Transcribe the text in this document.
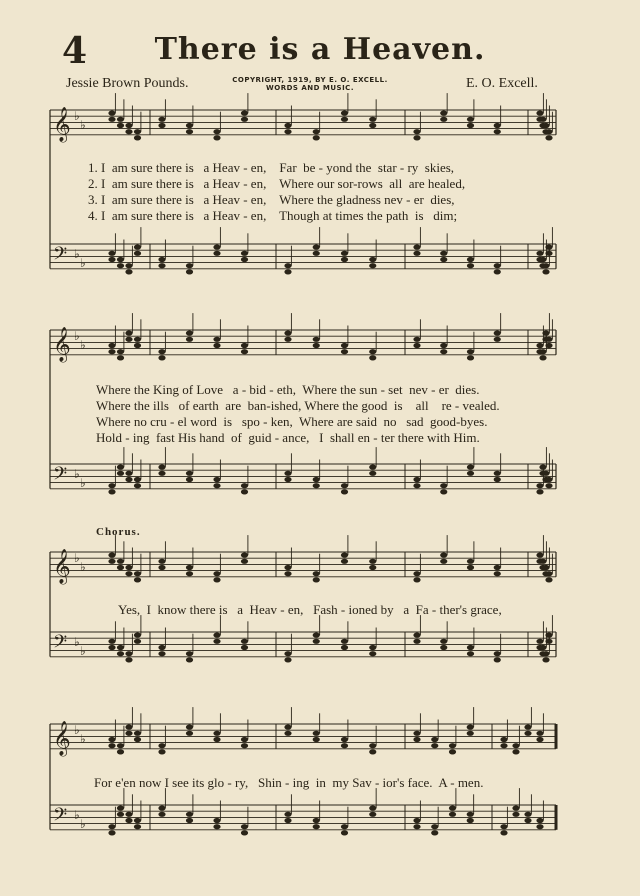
𝄞 ♭
♭
𝄢 ♭
♭
𝄞 ♭
♭
𝄢 ♭
♭
𝄞 ♭
♭
𝄢 ♭
♭
𝄞 ♭
♭
𝄢 ♭
♭
4	There is a Heaven.
Jessie Brown Pounds.	COPYRIGHT, 1919, BY E. O. EXCELL.
WORDS AND MUSIC.	E. O. Excell.
1. I  am sure there is   a Heav - en,    Far  be - yond the  star - ry  skies,
2. I  am sure there is   a Heav - en,    Where our sor-rows  all  are healed,
3. I  am sure there is   a Heav - en,    Where the gladness nev - er  dies,
4. I  am sure there is   a Heav - en,    Though at times the path  is   dim;
Where the King of Love   a - bid - eth,  Where the sun - set  nev - er  dies.
Where the ills   of earth  are  ban-ished, Where the good  is    all    re - vealed.
Where no cru - el word  is   spo - ken,  Where are said  no   sad  good-byes.
Hold - ing  fast His hand  of  guid - ance,   I  shall en - ter there with Him.
Chorus.
Yes,  I  know there is   a  Heav - en,   Fash - ioned by   a  Fa - ther's grace,
For e'en now I see its glo - ry,   Shin - ing  in  my Sav - ior's face.  A - men.
